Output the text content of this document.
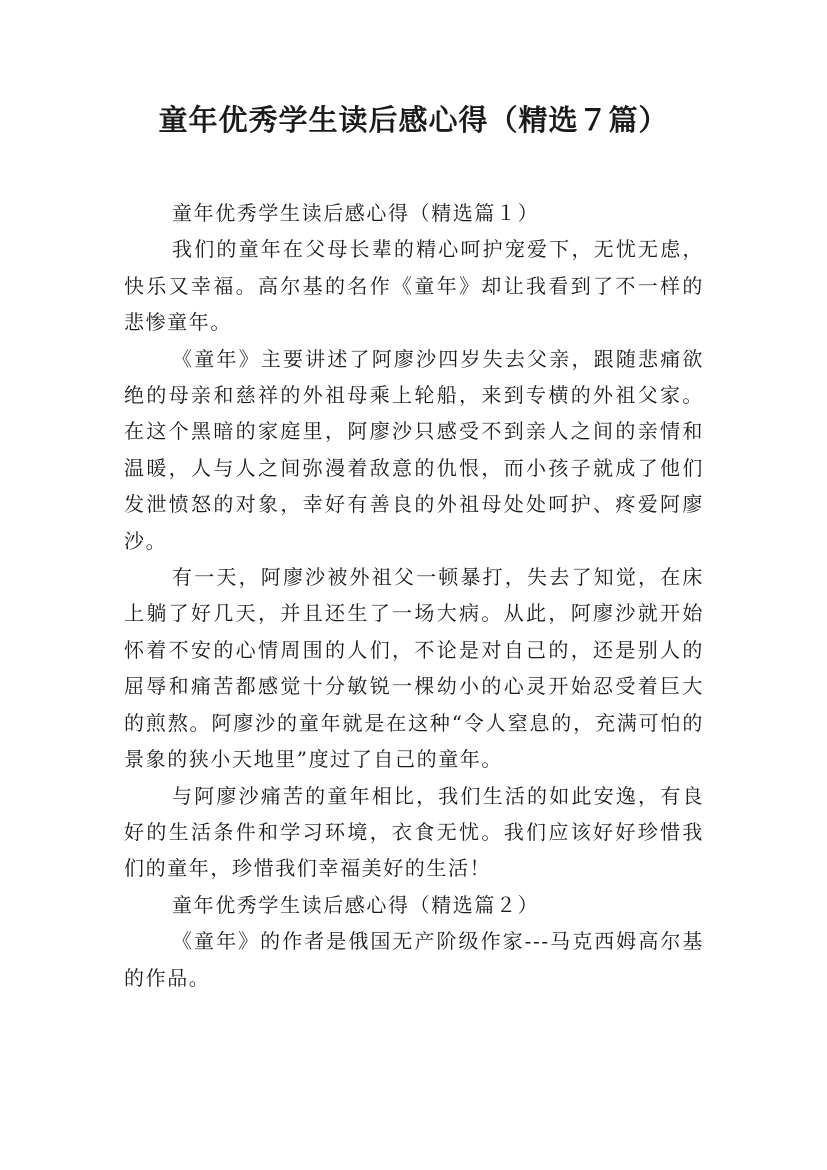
童年优秀学生读后感心得（精选７篇）

童年优秀学生读后感心得（精选篇１）

我们的童年在父母长辈的精心呵护宠爱下，无忧无虑，快乐又幸福。高尔基的名作《童年》却让我看到了不一样的悲惨童年。

《童年》主要讲述了阿廖沙四岁失去父亲，跟随悲痛欲绝的母亲和慈祥的外祖母乘上轮船，来到专横的外祖父家。在这个黑暗的家庭里，阿廖沙只感受不到亲人之间的亲情和温暖，人与人之间弥漫着敌意的仇恨，而小孩子就成了他们发泄愤怒的对象，幸好有善良的外祖母处处呵护、疼爱阿廖沙。

有一天，阿廖沙被外祖父一顿暴打，失去了知觉，在床上躺了好几天，并且还生了一场大病。从此，阿廖沙就开始怀着不安的心情周围的人们，不论是对自己的，还是别人的屈辱和痛苦都感觉十分敏锐一棵幼小的心灵开始忍受着巨大的煎熬。阿廖沙的童年就是在这种“令人窒息的，充满可怕的景象的狭小天地里”度过了自己的童年。

与阿廖沙痛苦的童年相比，我们生活的如此安逸，有良好的生活条件和学习环境，衣食无忧。我们应该好好珍惜我们的童年，珍惜我们幸福美好的生活！

童年优秀学生读后感心得（精选篇２）

《童年》的作者是俄国无产阶级作家---马克西姆高尔基的作品。
